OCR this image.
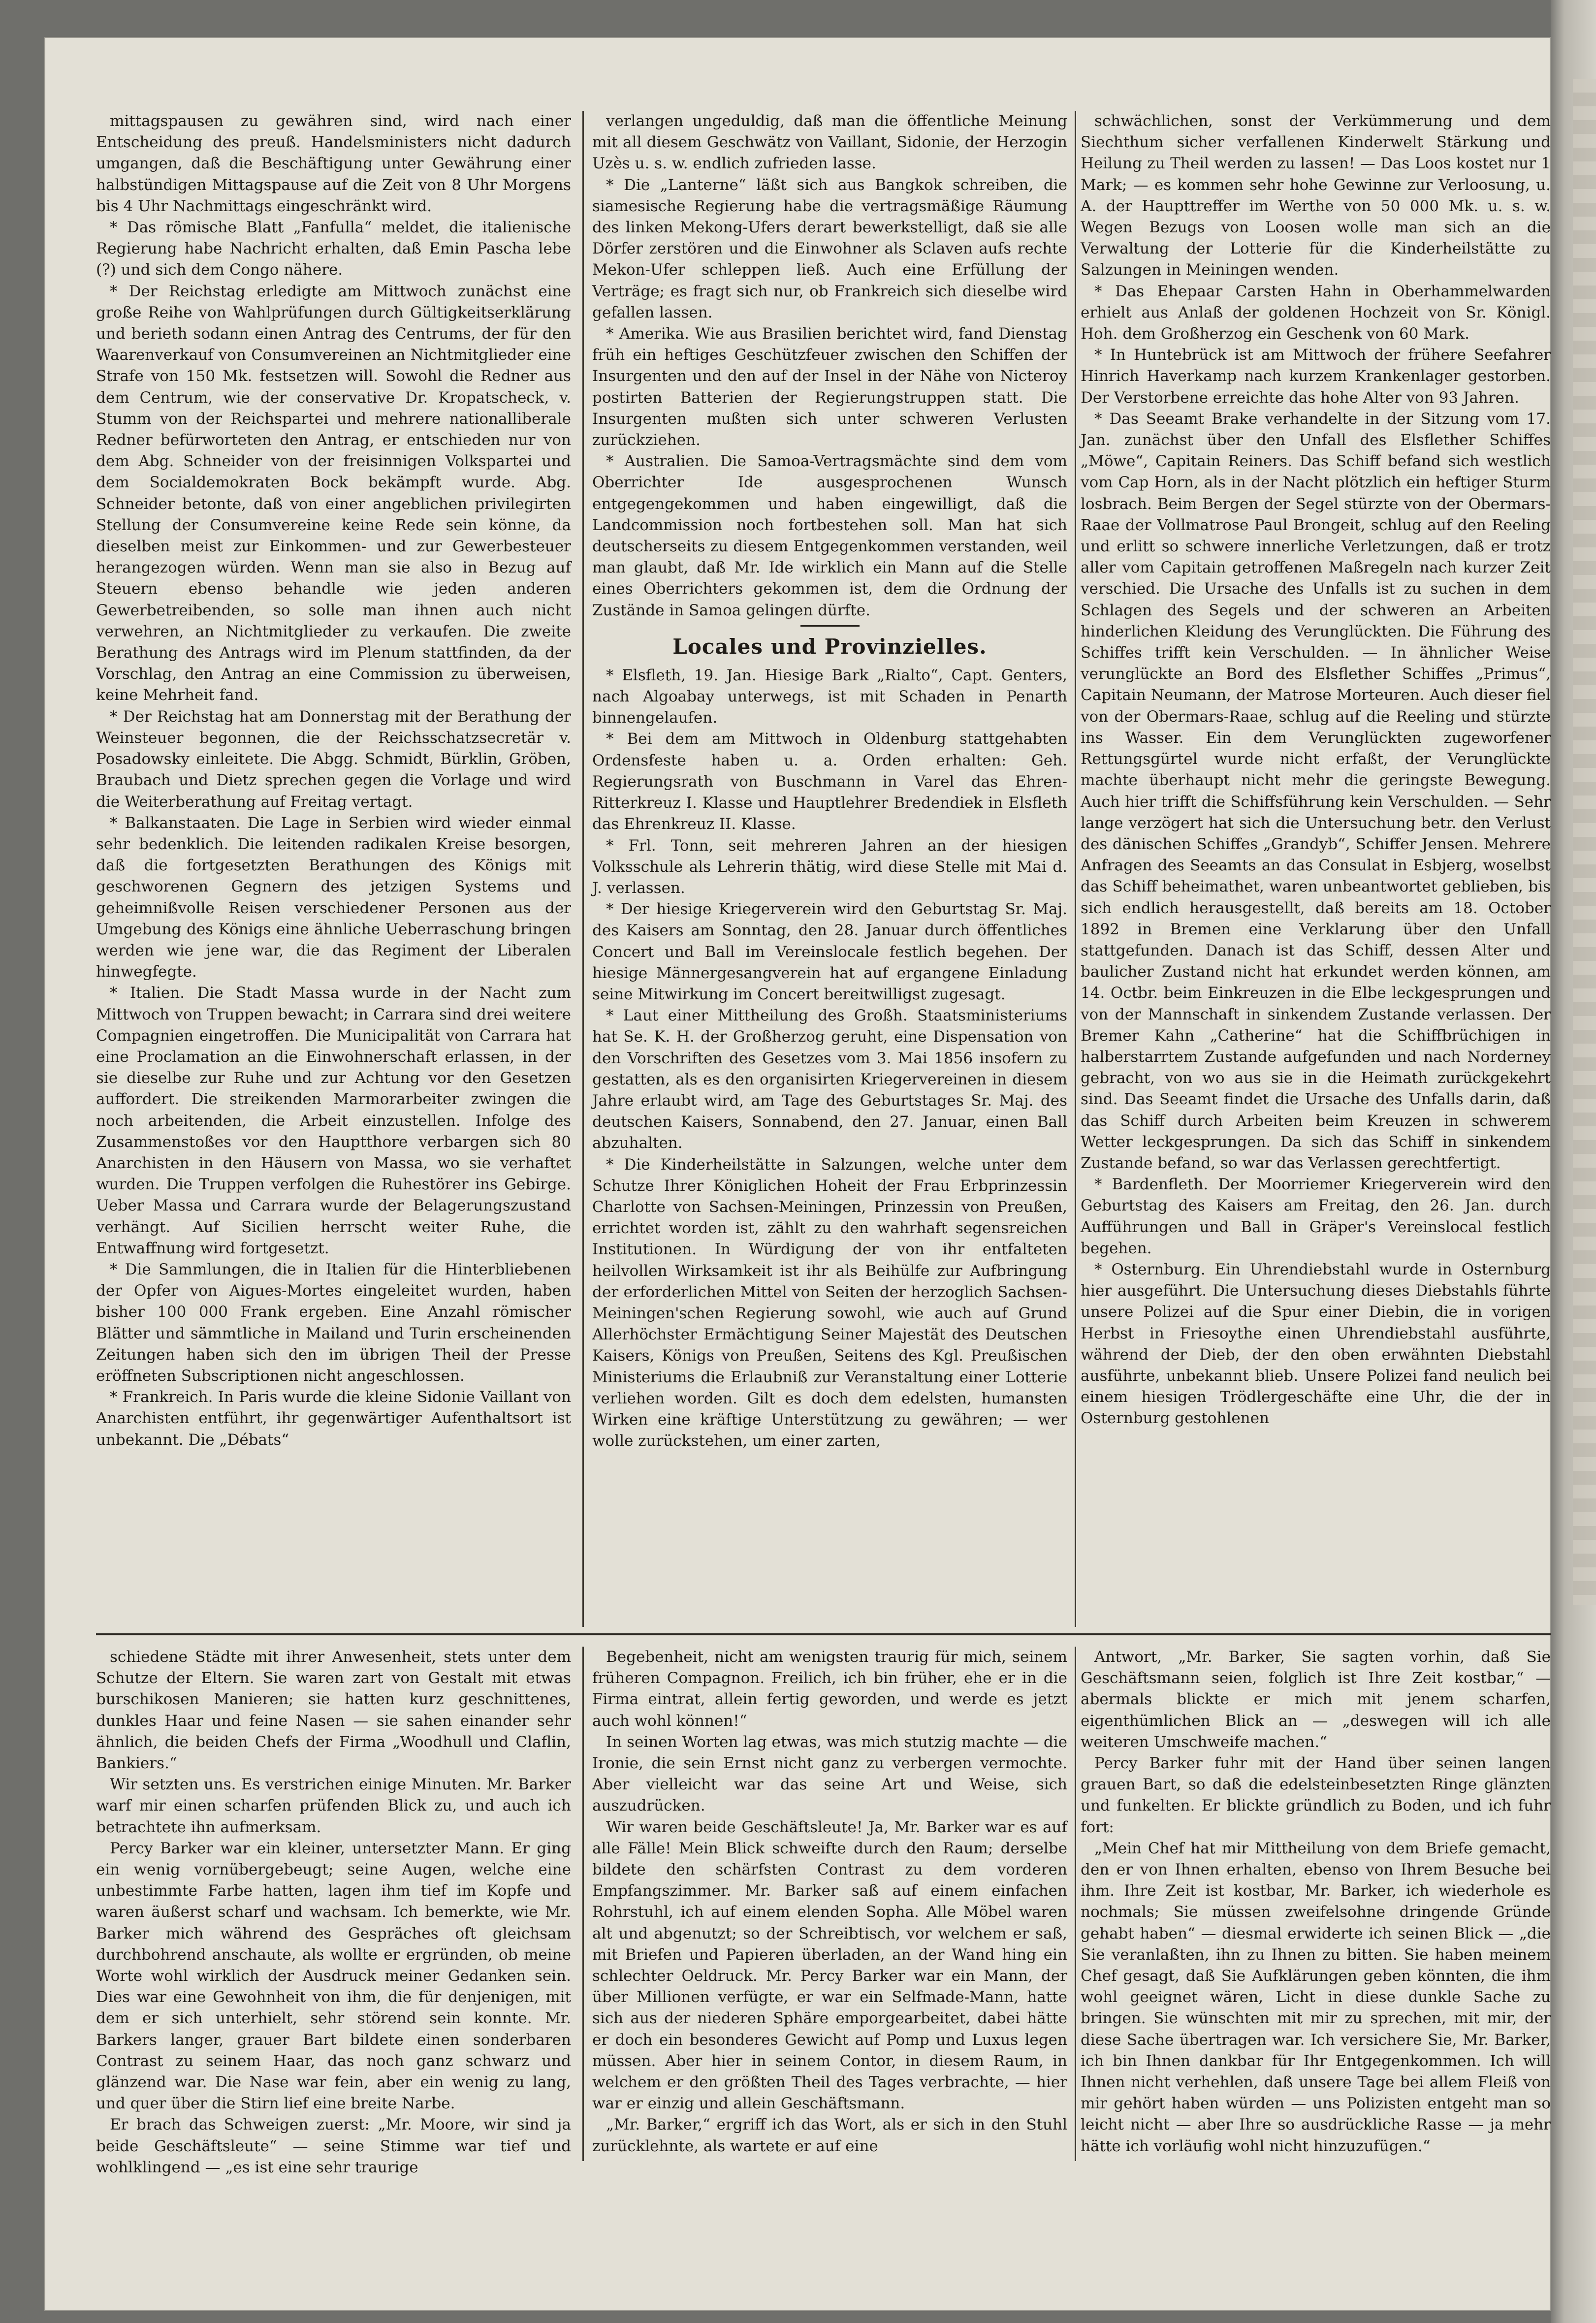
mittagspausen zu gewähren sind, wird nach einer Entscheidung des preuß. Handelsministers nicht dadurch umgangen, daß die Beschäftigung unter Gewährung einer halbstündigen Mittagspause auf die Zeit von 8 Uhr Morgens bis 4 Uhr Nachmittags eingeschränkt wird.

* Das römische Blatt „Fanfulla“ meldet, die italienische Regierung habe Nachricht erhalten, daß Emin Pascha lebe (?) und sich dem Congo nähere.

* Der Reichstag erledigte am Mittwoch zunächst eine große Reihe von Wahlprüfungen durch Gültigkeitserklärung und berieth sodann einen Antrag des Centrums, der für den Waarenverkauf von Consumvereinen an Nichtmitglieder eine Strafe von 150 Mk. festsetzen will. Sowohl die Redner aus dem Centrum, wie der conservative Dr. Kropatscheck, v. Stumm von der Reichspartei und mehrere nationalliberale Redner befürworteten den Antrag, er entschieden nur von dem Abg. Schneider von der freisinnigen Volkspartei und dem Socialdemokraten Bock bekämpft wurde. Abg. Schneider betonte, daß von einer angeblichen privilegirten Stellung der Consumvereine keine Rede sein könne, da dieselben meist zur Einkommen- und zur Gewerbesteuer herangezogen würden. Wenn man sie also in Bezug auf Steuern ebenso behandle wie jeden anderen Gewerbetreibenden, so solle man ihnen auch nicht verwehren, an Nichtmitglieder zu verkaufen. Die zweite Berathung des Antrags wird im Plenum stattfinden, da der Vorschlag, den Antrag an eine Commission zu überweisen, keine Mehrheit fand.

* Der Reichstag hat am Donnerstag mit der Berathung der Weinsteuer begonnen, die der Reichsschatzsecretär v. Posadowsky einleitete. Die Abgg. Schmidt, Bürklin, Gröben, Braubach und Dietz sprechen gegen die Vorlage und wird die Weiterberathung auf Freitag vertagt.

* Balkanstaaten. Die Lage in Serbien wird wieder einmal sehr bedenklich. Die leitenden radikalen Kreise besorgen, daß die fortgesetzten Berathungen des Königs mit geschworenen Gegnern des jetzigen Systems und geheimnißvolle Reisen verschiedener Personen aus der Umgebung des Königs eine ähnliche Ueberraschung bringen werden wie jene war, die das Regiment der Liberalen hinwegfegte.

* Italien. Die Stadt Massa wurde in der Nacht zum Mittwoch von Truppen bewacht; in Carrara sind drei weitere Compagnien eingetroffen. Die Municipalität von Carrara hat eine Proclamation an die Einwohnerschaft erlassen, in der sie dieselbe zur Ruhe und zur Achtung vor den Gesetzen auffordert. Die streikenden Marmorarbeiter zwingen die noch arbeitenden, die Arbeit einzustellen. Infolge des Zusammenstoßes vor den Hauptthore verbargen sich 80 Anarchisten in den Häusern von Massa, wo sie verhaftet wurden. Die Truppen verfolgen die Ruhestörer ins Gebirge. Ueber Massa und Carrara wurde der Belagerungszustand verhängt. Auf Sicilien herrscht weiter Ruhe, die Entwaffnung wird fortgesetzt.

* Die Sammlungen, die in Italien für die Hinterbliebenen der Opfer von Aigues-Mortes eingeleitet wurden, haben bisher 100 000 Frank ergeben. Eine Anzahl römischer Blätter und sämmtliche in Mailand und Turin erscheinenden Zeitungen haben sich den im übrigen Theil der Presse eröffneten Subscriptionen nicht angeschlossen.

* Frankreich. In Paris wurde die kleine Sidonie Vaillant von Anarchisten entführt, ihr gegenwärtiger Aufenthaltsort ist unbekannt. Die „Débats“

verlangen ungeduldig, daß man die öffentliche Meinung mit all diesem Geschwätz von Vaillant, Sidonie, der Herzogin Uzès u. s. w. endlich zufrieden lasse.

* Die „Lanterne“ läßt sich aus Bangkok schreiben, die siamesische Regierung habe die vertragsmäßige Räumung des linken Mekong-Ufers derart bewerkstelligt, daß sie alle Dörfer zerstören und die Einwohner als Sclaven aufs rechte Mekon-Ufer schleppen ließ. Auch eine Erfüllung der Verträge; es fragt sich nur, ob Frankreich sich dieselbe wird gefallen lassen.

* Amerika. Wie aus Brasilien berichtet wird, fand Dienstag früh ein heftiges Geschützfeuer zwischen den Schiffen der Insurgenten und den auf der Insel in der Nähe von Nicteroy postirten Batterien der Regierungstruppen statt. Die Insurgenten mußten sich unter schweren Verlusten zurückziehen.

* Australien. Die Samoa-Vertragsmächte sind dem vom Oberrichter Ide ausgesprochenen Wunsch entgegengekommen und haben eingewilligt, daß die Landcommission noch fortbestehen soll. Man hat sich deutscherseits zu diesem Entgegenkommen verstanden, weil man glaubt, daß Mr. Ide wirklich ein Mann auf die Stelle eines Oberrichters gekommen ist, dem die Ordnung der Zustände in Samoa gelingen dürfte.

Locales und Provinzielles.

* Elsfleth, 19. Jan. Hiesige Bark „Rialto“, Capt. Genters, nach Algoabay unterwegs, ist mit Schaden in Penarth binnengelaufen.

* Bei dem am Mittwoch in Oldenburg stattgehabten Ordensfeste haben u. a. Orden erhalten: Geh. Regierungsrath von Buschmann in Varel das Ehren-Ritterkreuz I. Klasse und Hauptlehrer Bredendiek in Elsfleth das Ehrenkreuz II. Klasse.

* Frl. Tonn, seit mehreren Jahren an der hiesigen Volksschule als Lehrerin thätig, wird diese Stelle mit Mai d. J. verlassen.

* Der hiesige Kriegerverein wird den Geburtstag Sr. Maj. des Kaisers am Sonntag, den 28. Januar durch öffentliches Concert und Ball im Vereinslocale festlich begehen. Der hiesige Männergesangverein hat auf ergangene Einladung seine Mitwirkung im Concert bereitwilligst zugesagt.

* Laut einer Mittheilung des Großh. Staatsministeriums hat Se. K. H. der Großherzog geruht, eine Dispensation von den Vorschriften des Gesetzes vom 3. Mai 1856 insofern zu gestatten, als es den organisirten Kriegervereinen in diesem Jahre erlaubt wird, am Tage des Geburtstages Sr. Maj. des deutschen Kaisers, Sonnabend, den 27. Januar, einen Ball abzuhalten.

* Die Kinderheilstätte in Salzungen, welche unter dem Schutze Ihrer Königlichen Hoheit der Frau Erbprinzessin Charlotte von Sachsen-Meiningen, Prinzessin von Preußen, errichtet worden ist, zählt zu den wahrhaft segensreichen Institutionen. In Würdigung der von ihr entfalteten heilvollen Wirksamkeit ist ihr als Beihülfe zur Aufbringung der erforderlichen Mittel von Seiten der herzoglich Sachsen-Meiningen'schen Regierung sowohl, wie auch auf Grund Allerhöchster Ermächtigung Seiner Majestät des Deutschen Kaisers, Königs von Preußen, Seitens des Kgl. Preußischen Ministeriums die Erlaubniß zur Veranstaltung einer Lotterie verliehen worden. Gilt es doch dem edelsten, humansten Wirken eine kräftige Unterstützung zu gewähren; — wer wolle zurückstehen, um einer zarten,

schwächlichen, sonst der Verkümmerung und dem Siechthum sicher verfallenen Kinderwelt Stärkung und Heilung zu Theil werden zu lassen! — Das Loos kostet nur 1 Mark; — es kommen sehr hohe Gewinne zur Verloosung, u. A. der Haupttreffer im Werthe von 50 000 Mk. u. s. w. Wegen Bezugs von Loosen wolle man sich an die Verwaltung der Lotterie für die Kinderheilstätte zu Salzungen in Meiningen wenden.

* Das Ehepaar Carsten Hahn in Oberhammelwarden erhielt aus Anlaß der goldenen Hochzeit von Sr. Königl. Hoh. dem Großherzog ein Geschenk von 60 Mark.

* In Huntebrück ist am Mittwoch der frühere Seefahrer Hinrich Haverkamp nach kurzem Krankenlager gestorben. Der Verstorbene erreichte das hohe Alter von 93 Jahren.

* Das Seeamt Brake verhandelte in der Sitzung vom 17. Jan. zunächst über den Unfall des Elsflether Schiffes „Möwe“, Capitain Reiners. Das Schiff befand sich westlich vom Cap Horn, als in der Nacht plötzlich ein heftiger Sturm losbrach. Beim Bergen der Segel stürzte von der Obermars-Raae der Vollmatrose Paul Brongeit, schlug auf den Reeling und erlitt so schwere innerliche Verletzungen, daß er trotz aller vom Capitain getroffenen Maßregeln nach kurzer Zeit verschied. Die Ursache des Unfalls ist zu suchen in dem Schlagen des Segels und der schweren an Arbeiten hinderlichen Kleidung des Verunglückten. Die Führung des Schiffes trifft kein Verschulden. — In ähnlicher Weise verunglückte an Bord des Elsflether Schiffes „Primus“, Capitain Neumann, der Matrose Morteuren. Auch dieser fiel von der Obermars-Raae, schlug auf die Reeling und stürzte ins Wasser. Ein dem Verunglückten zugeworfener Rettungsgürtel wurde nicht erfaßt, der Verunglückte machte überhaupt nicht mehr die geringste Bewegung. Auch hier trifft die Schiffsführung kein Verschulden. — Sehr lange verzögert hat sich die Untersuchung betr. den Verlust des dänischen Schiffes „Grandyb“, Schiffer Jensen. Mehrere Anfragen des Seeamts an das Consulat in Esbjerg, woselbst das Schiff beheimathet, waren unbeantwortet geblieben, bis sich endlich herausgestellt, daß bereits am 18. October 1892 in Bremen eine Verklarung über den Unfall stattgefunden. Danach ist das Schiff, dessen Alter und baulicher Zustand nicht hat erkundet werden können, am 14. Octbr. beim Einkreuzen in die Elbe leckgesprungen und von der Mannschaft in sinkendem Zustande verlassen. Der Bremer Kahn „Catherine“ hat die Schiffbrüchigen in halberstarrtem Zustande aufgefunden und nach Norderney gebracht, von wo aus sie in die Heimath zurückgekehrt sind. Das Seeamt findet die Ursache des Unfalls darin, daß das Schiff durch Arbeiten beim Kreuzen in schwerem Wetter leckgesprungen. Da sich das Schiff in sinkendem Zustande befand, so war das Verlassen gerechtfertigt.

* Bardenfleth. Der Moorriemer Kriegerverein wird den Geburtstag des Kaisers am Freitag, den 26. Jan. durch Aufführungen und Ball in Gräper's Vereinslocal festlich begehen.

* Osternburg. Ein Uhrendiebstahl wurde in Osternburg hier ausgeführt. Die Untersuchung dieses Diebstahls führte unsere Polizei auf die Spur einer Diebin, die in vorigen Herbst in Friesoythe einen Uhrendiebstahl ausführte, während der Dieb, der den oben erwähnten Diebstahl ausführte, unbekannt blieb. Unsere Polizei fand neulich bei einem hiesigen Trödlergeschäfte eine Uhr, die der in Osternburg gestohlenen

schiedene Städte mit ihrer Anwesenheit, stets unter dem Schutze der Eltern. Sie waren zart von Gestalt mit etwas burschikosen Manieren; sie hatten kurz geschnittenes, dunkles Haar und feine Nasen — sie sahen einander sehr ähnlich, die beiden Chefs der Firma „Woodhull und Claflin, Bankiers.“

Wir setzten uns. Es verstrichen einige Minuten. Mr. Barker warf mir einen scharfen prüfenden Blick zu, und auch ich betrachtete ihn aufmerksam.

Percy Barker war ein kleiner, untersetzter Mann. Er ging ein wenig vornübergebeugt; seine Augen, welche eine unbestimmte Farbe hatten, lagen ihm tief im Kopfe und waren äußerst scharf und wachsam. Ich bemerkte, wie Mr. Barker mich während des Gespräches oft gleichsam durchbohrend anschaute, als wollte er ergründen, ob meine Worte wohl wirklich der Ausdruck meiner Gedanken sein. Dies war eine Gewohnheit von ihm, die für denjenigen, mit dem er sich unterhielt, sehr störend sein konnte. Mr. Barkers langer, grauer Bart bildete einen sonderbaren Contrast zu seinem Haar, das noch ganz schwarz und glänzend war. Die Nase war fein, aber ein wenig zu lang, und quer über die Stirn lief eine breite Narbe.

Er brach das Schweigen zuerst: „Mr. Moore, wir sind ja beide Geschäftsleute“ — seine Stimme war tief und wohlklingend — „es ist eine sehr traurige

Begebenheit, nicht am wenigsten traurig für mich, seinem früheren Compagnon. Freilich, ich bin früher, ehe er in die Firma eintrat, allein fertig geworden, und werde es jetzt auch wohl können!“

In seinen Worten lag etwas, was mich stutzig machte — die Ironie, die sein Ernst nicht ganz zu verbergen vermochte. Aber vielleicht war das seine Art und Weise, sich auszudrücken.

Wir waren beide Geschäftsleute! Ja, Mr. Barker war es auf alle Fälle! Mein Blick schweifte durch den Raum; derselbe bildete den schärfsten Contrast zu dem vorderen Empfangszimmer. Mr. Barker saß auf einem einfachen Rohrstuhl, ich auf einem elenden Sopha. Alle Möbel waren alt und abgenutzt; so der Schreibtisch, vor welchem er saß, mit Briefen und Papieren überladen, an der Wand hing ein schlechter Oeldruck. Mr. Percy Barker war ein Mann, der über Millionen verfügte, er war ein Selfmade-Mann, hatte sich aus der niederen Sphäre emporgearbeitet, dabei hätte er doch ein besonderes Gewicht auf Pomp und Luxus legen müssen. Aber hier in seinem Contor, in diesem Raum, in welchem er den größten Theil des Tages verbrachte, — hier war er einzig und allein Geschäftsmann.

„Mr. Barker,“ ergriff ich das Wort, als er sich in den Stuhl zurücklehnte, als wartete er auf eine

Antwort, „Mr. Barker, Sie sagten vorhin, daß Sie Geschäftsmann seien, folglich ist Ihre Zeit kostbar,“ — abermals blickte er mich mit jenem scharfen, eigenthümlichen Blick an — „deswegen will ich alle weiteren Umschweife machen.“

Percy Barker fuhr mit der Hand über seinen langen grauen Bart, so daß die edelsteinbesetzten Ringe glänzten und funkelten. Er blickte gründlich zu Boden, und ich fuhr fort:

„Mein Chef hat mir Mittheilung von dem Briefe gemacht, den er von Ihnen erhalten, ebenso von Ihrem Besuche bei ihm. Ihre Zeit ist kostbar, Mr. Barker, ich wiederhole es nochmals; Sie müssen zweifelsohne dringende Gründe gehabt haben“ — diesmal erwiderte ich seinen Blick — „die Sie veranlaßten, ihn zu Ihnen zu bitten. Sie haben meinem Chef gesagt, daß Sie Aufklärungen geben könnten, die ihm wohl geeignet wären, Licht in diese dunkle Sache zu bringen. Sie wünschten mit mir zu sprechen, mit mir, der diese Sache übertragen war. Ich versichere Sie, Mr. Barker, ich bin Ihnen dankbar für Ihr Entgegenkommen. Ich will Ihnen nicht verhehlen, daß unsere Tage bei allem Fleiß von mir gehört haben würden — uns Polizisten entgeht man so leicht nicht — aber Ihre so ausdrückliche Rasse — ja mehr hätte ich vorläufig wohl nicht hinzuzufügen.“
